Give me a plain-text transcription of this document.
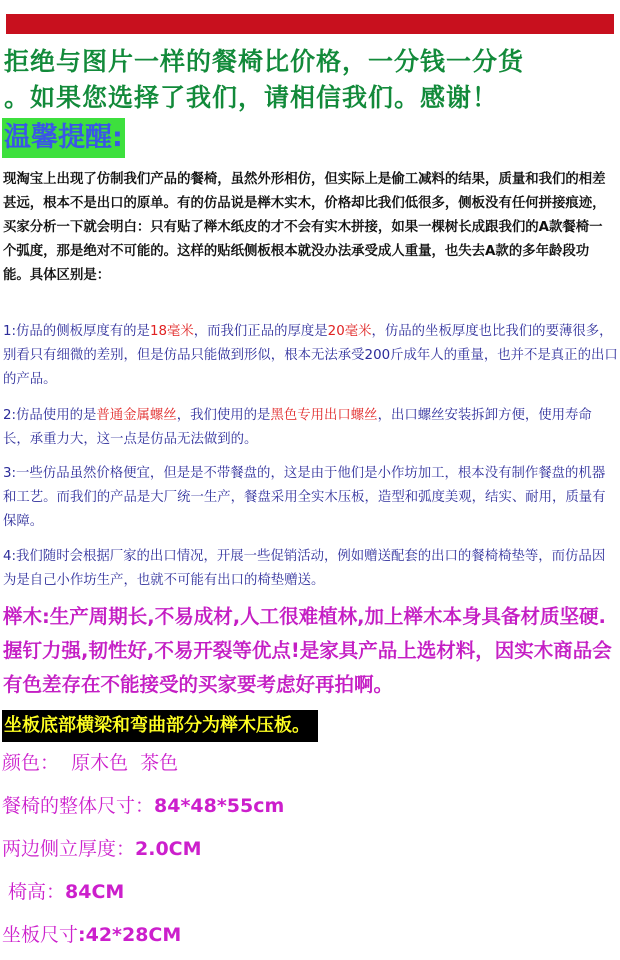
拒绝与图片一样的餐椅比价格，一分钱一分货
。如果您选择了我们，请相信我们。感谢！
温馨提醒:
现淘宝上出现了仿制我们产品的餐椅，虽然外形相仿，但实际上是偷工减料的结果，质量和我们的相差甚远，根本不是出口的原单。有的仿品说是榉木实木，价格却比我们低很多，侧板没有任何拼接痕迹，买家分析一下就会明白：只有贴了榉木纸皮的才不会有实木拼接，如果一棵树长成跟我们的A款餐椅一个弧度，那是绝对不可能的。这样的贴纸侧板根本就没办法承受成人重量，也失去A款的多年龄段功能。具体区别是：
1:仿品的侧板厚度有的是18毫米，而我们正品的厚度是20毫米，仿品的坐板厚度也比我们的要薄很多，别看只有细微的差别，但是仿品只能做到形似，根本无法承受200斤成年人的重量，也并不是真正的出口的产品。
2:仿品使用的是普通金属螺丝，我们使用的是黑色专用出口螺丝，出口螺丝安装拆卸方便，使用寿命长，承重力大，这一点是仿品无法做到的。
3:一些仿品虽然价格便宜，但是是不带餐盘的，这是由于他们是小作坊加工，根本没有制作餐盘的机器和工艺。而我们的产品是大厂统一生产，餐盘采用全实木压板，造型和弧度美观，结实、耐用，质量有保障。
4:我们随时会根据厂家的出口情况，开展一些促销活动，例如赠送配套的出口的餐椅椅垫等，而仿品因为是自己小作坊生产，也就不可能有出口的椅垫赠送。
榉木:生产周期长,不易成材,人工很难植林,加上榉木本身具备材质坚硬.握钉力强,韧性好,不易开裂等优点!是家具产品上选材料，因实木商品会有色差存在不能接受的买家要考虑好再拍啊。
坐板底部横梁和弯曲部分为榉木压板。
颜色：  原木色  茶色
餐椅的整体尺寸：84*48*55cm
两边侧立厚度：2.0CM
椅高：84CM
坐板尺寸:42*28CM
